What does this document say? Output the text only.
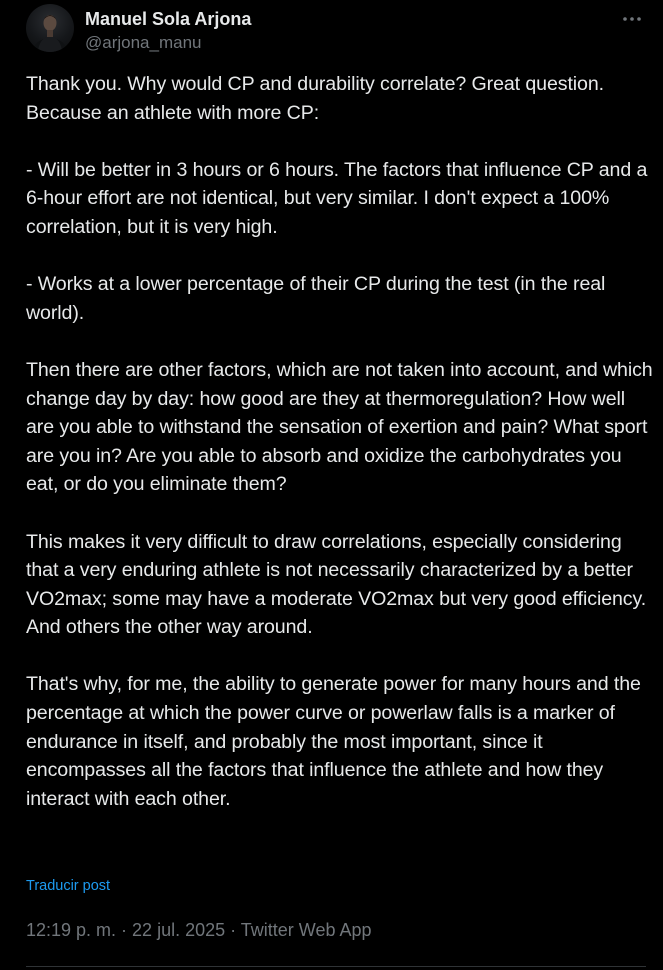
Manuel Sola Arjona
@arjona_manu
Thank you. Why would CP and durability correlate? Great question. Because an athlete with more CP:

- Will be better in 3 hours or 6 hours. The factors that influence CP and a 6-hour effort are not identical, but very similar. I don't expect a 100% correlation, but it is very high.

- Works at a lower percentage of their CP during the test (in the real world).

Then there are other factors, which are not taken into account, and which change day by day: how good are they at thermoregulation? How well are you able to withstand the sensation of exertion and pain? What sport are you in? Are you able to absorb and oxidize the carbohydrates you eat, or do you eliminate them?

This makes it very difficult to draw correlations, especially considering that a very enduring athlete is not necessarily characterized by a better VO2max; some may have a moderate VO2max but very good efficiency. And others the other way around.

That's why, for me, the ability to generate power for many hours and the percentage at which the power curve or powerlaw falls is a marker of endurance in itself, and probably the most important, since it encompasses all the factors that influence the athlete and how they interact with each other.
Traducir post
12:19 p. m. · 22 jul. 2025 · Twitter Web App
